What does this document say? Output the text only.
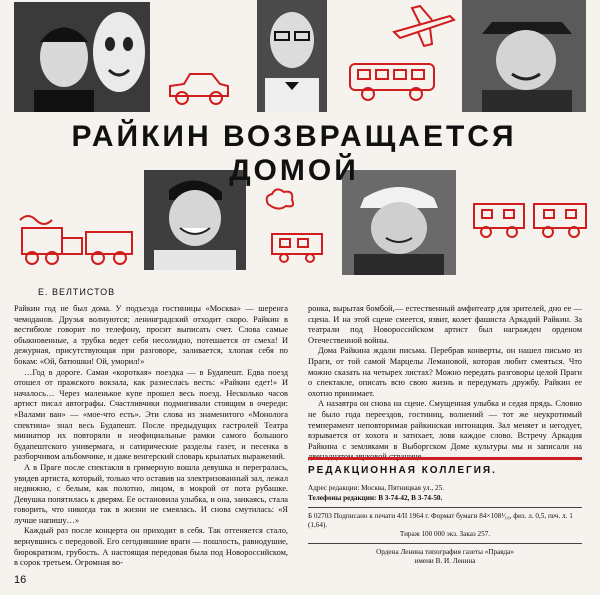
РАЙКИН ВОЗВРАЩАЕТСЯ ДОМОЙ
Е. ВЕЛТИСТОВ

Райкин год не был дома. У подъезда гостиницы «Москва» — шеренга чемоданов. Друзья волнуются; ленинградский отходит скоро. Райкин в вестибюле говорит по телефону, просит выписать счет. Слова самые обыкновенные, а трубка ведет себя несолидно, потешается от смеха! И дежурная, присутствующая при разговоре, заливается, хлопая себя по бокам: «Ой, батюшки! Ой, уморил!»

…Год в дороге. Самая «короткая» поездка — в Будапешт. Едва поезд отошел от пражского вокзала, как разнеслась весть: «Райкин едет!» И началось… Через маленькое купе прошел весь поезд. Несколько часов артист писал автографы. Счастливчики подмигивали стоящим в очереди: «Валами ван» — «мое-что есть». Эти слова из знаменитого «Монолога спектина» знал весь Будапешт. После предыдущих гастролей Театра миниатюр их повторяли и неофициальные рамки самого большого будапештского универмага, и сатирические разделы газет, и песенка в разборчивом альбомчике, и даже венгерский словарь крылатых выражений.

А в Праге после спектакля в гримерную вошла девушка и перегралась, увидев артиста, который, только что оставив на злектризованный зал, лежал недвижно, с белым, как полотно, лицом, в мокрой от пота рубашке. Девушка попятилась к дверям. Ее остановила улыбка, и она, заикаясь, стала говорить, что никогда так в жизни не смеялась. И снова смутилась: «Я лучше напишу…»

Каждый раз после концерта он приходит в себя. Так оттеняется стало, вернувшись с передовой. Его сегодняшние враги — пошлость, равнодушие, бюрократизм, грубость. А настоящая передовая была под Новороссийском, в сорок третьем. Огромная во-

ронка, вырытая бомбой,— естественный амфитеатр для зрителей, дно ее — сцена. И на этой сцене смеется, язвит, колет фашиста Аркадий Райкин. За театрали под Новороссийском артист был награжден орденом Отечественной войны.

Дома Райкина ждали письма. Перебрав конверты, он нашел письмо из Праги, от той самой Марцелы Лемановой, которая любит смеяться. Что можно сказать на четырех листах? Можно передать разговоры целой Праги о спектакле, описать всю свою жизнь и передумать дружбу. Райкин ее охотно принимает.

А назавтра он снова на сцене. Смущенная улыбка и седая прядь. Словно не было года переездов, гостиниц, волнений — тот же неукротимый темперамент неповторимая райкинская интонация. Зал меняет и негодует, взрывается от хохота и затихает, ловя каждое слово. Встречу Аркадия Райкина с земляками в Выборгском Доме культуры мы и записали на

РЕДАКЦИОННАЯ КОЛЛЕГИЯ.
Адрес редакции: Москва, Пятницкая ул., 25.
Телефоны редакции: В 3-74-42, В 3-74-50.
Б 02703 Подписано к печати 4/II 1964 г. Формат бумаги 84×108¹⁄₁₆, физ. л. 0,5, печ. л. 1 (1,64).
Тираж 100 000 экз. Заказ 257.
Ордена Ленина типография газеты «Правда»
имени В. И. Ленина
16
